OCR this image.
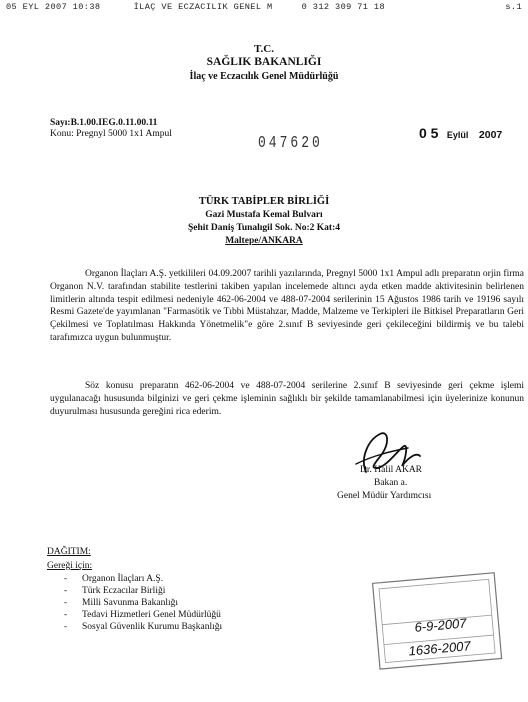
05 EYL 2007 10:38	İLAÇ VE ECZACILIK GENEL M	0 312 309 71 18	s.1
T.C.
SAĞLIK BAKANLIĞI
İlaç ve Eczacılık Genel Müdürlüğü
Sayı:B.1.00.IEG.0.11.00.11
Konu: Pregnyl 5000 1x1 Ampul	047620	0 5 Eylül 2007
TÜRK TABİPLER BİRLİĞİ
Gazi Mustafa Kemal Bulvarı
Şehit Daniş Tunalıgil Sok. No:2 Kat:4
Maltepe/ANKARA
Organon İlaçları A.Ş. yetkilileri 04.09.2007 tarihli yazılarında, Pregnyl 5000 1x1 Ampul adlı preparatın orjin firma Organon N.V. tarafından stabilite testlerini takiben yapılan incelemede altıncı ayda etken madde aktivitesinin belirlenen limitlerin altında tespit edilmesi nedeniyle 462-06-2004 ve 488-07-2004 serilerinin 15 Ağustos 1986 tarih ve 19196 sayılı Resmi Gazete'de yayımlanan "Farmasötik ve Tıbbi Müstahzar, Madde, Malzeme ve Terkipleri ile Bitkisel Preparatların Geri Çekilmesi ve Toplatılması Hakkında Yönetmelik"e göre 2.sınıf B seviyesinde geri çekileceğini bildirmiş ve bu talebi tarafımızca uygun bulunmuştur.
Söz konusu preparatın 462-06-2004 ve 488-07-2004 serilerine 2.sınıf B seviyesinde geri çekme işlemi uygulanacağı hususunda bilginizi ve geri çekme işleminin sağlıklı bir şekilde tamamlanabilmesi için üyelerinize konunun duyurulması hususunda gereğini rica ederim.
Dr. Halil AKAR
Bakan a.
Genel Müdür Yardımcısı
DAĞITIM:
Gereği için:
- Organon İlaçları A.Ş.
- Türk Eczacılar Birliği
- Milli Savunma Bakanlığı
- Tedavi Hizmetleri Genel Müdürlüğü
- Sosyal Güvenlik Kurumu Başkanlığı	6-9-2007
1636-2007
